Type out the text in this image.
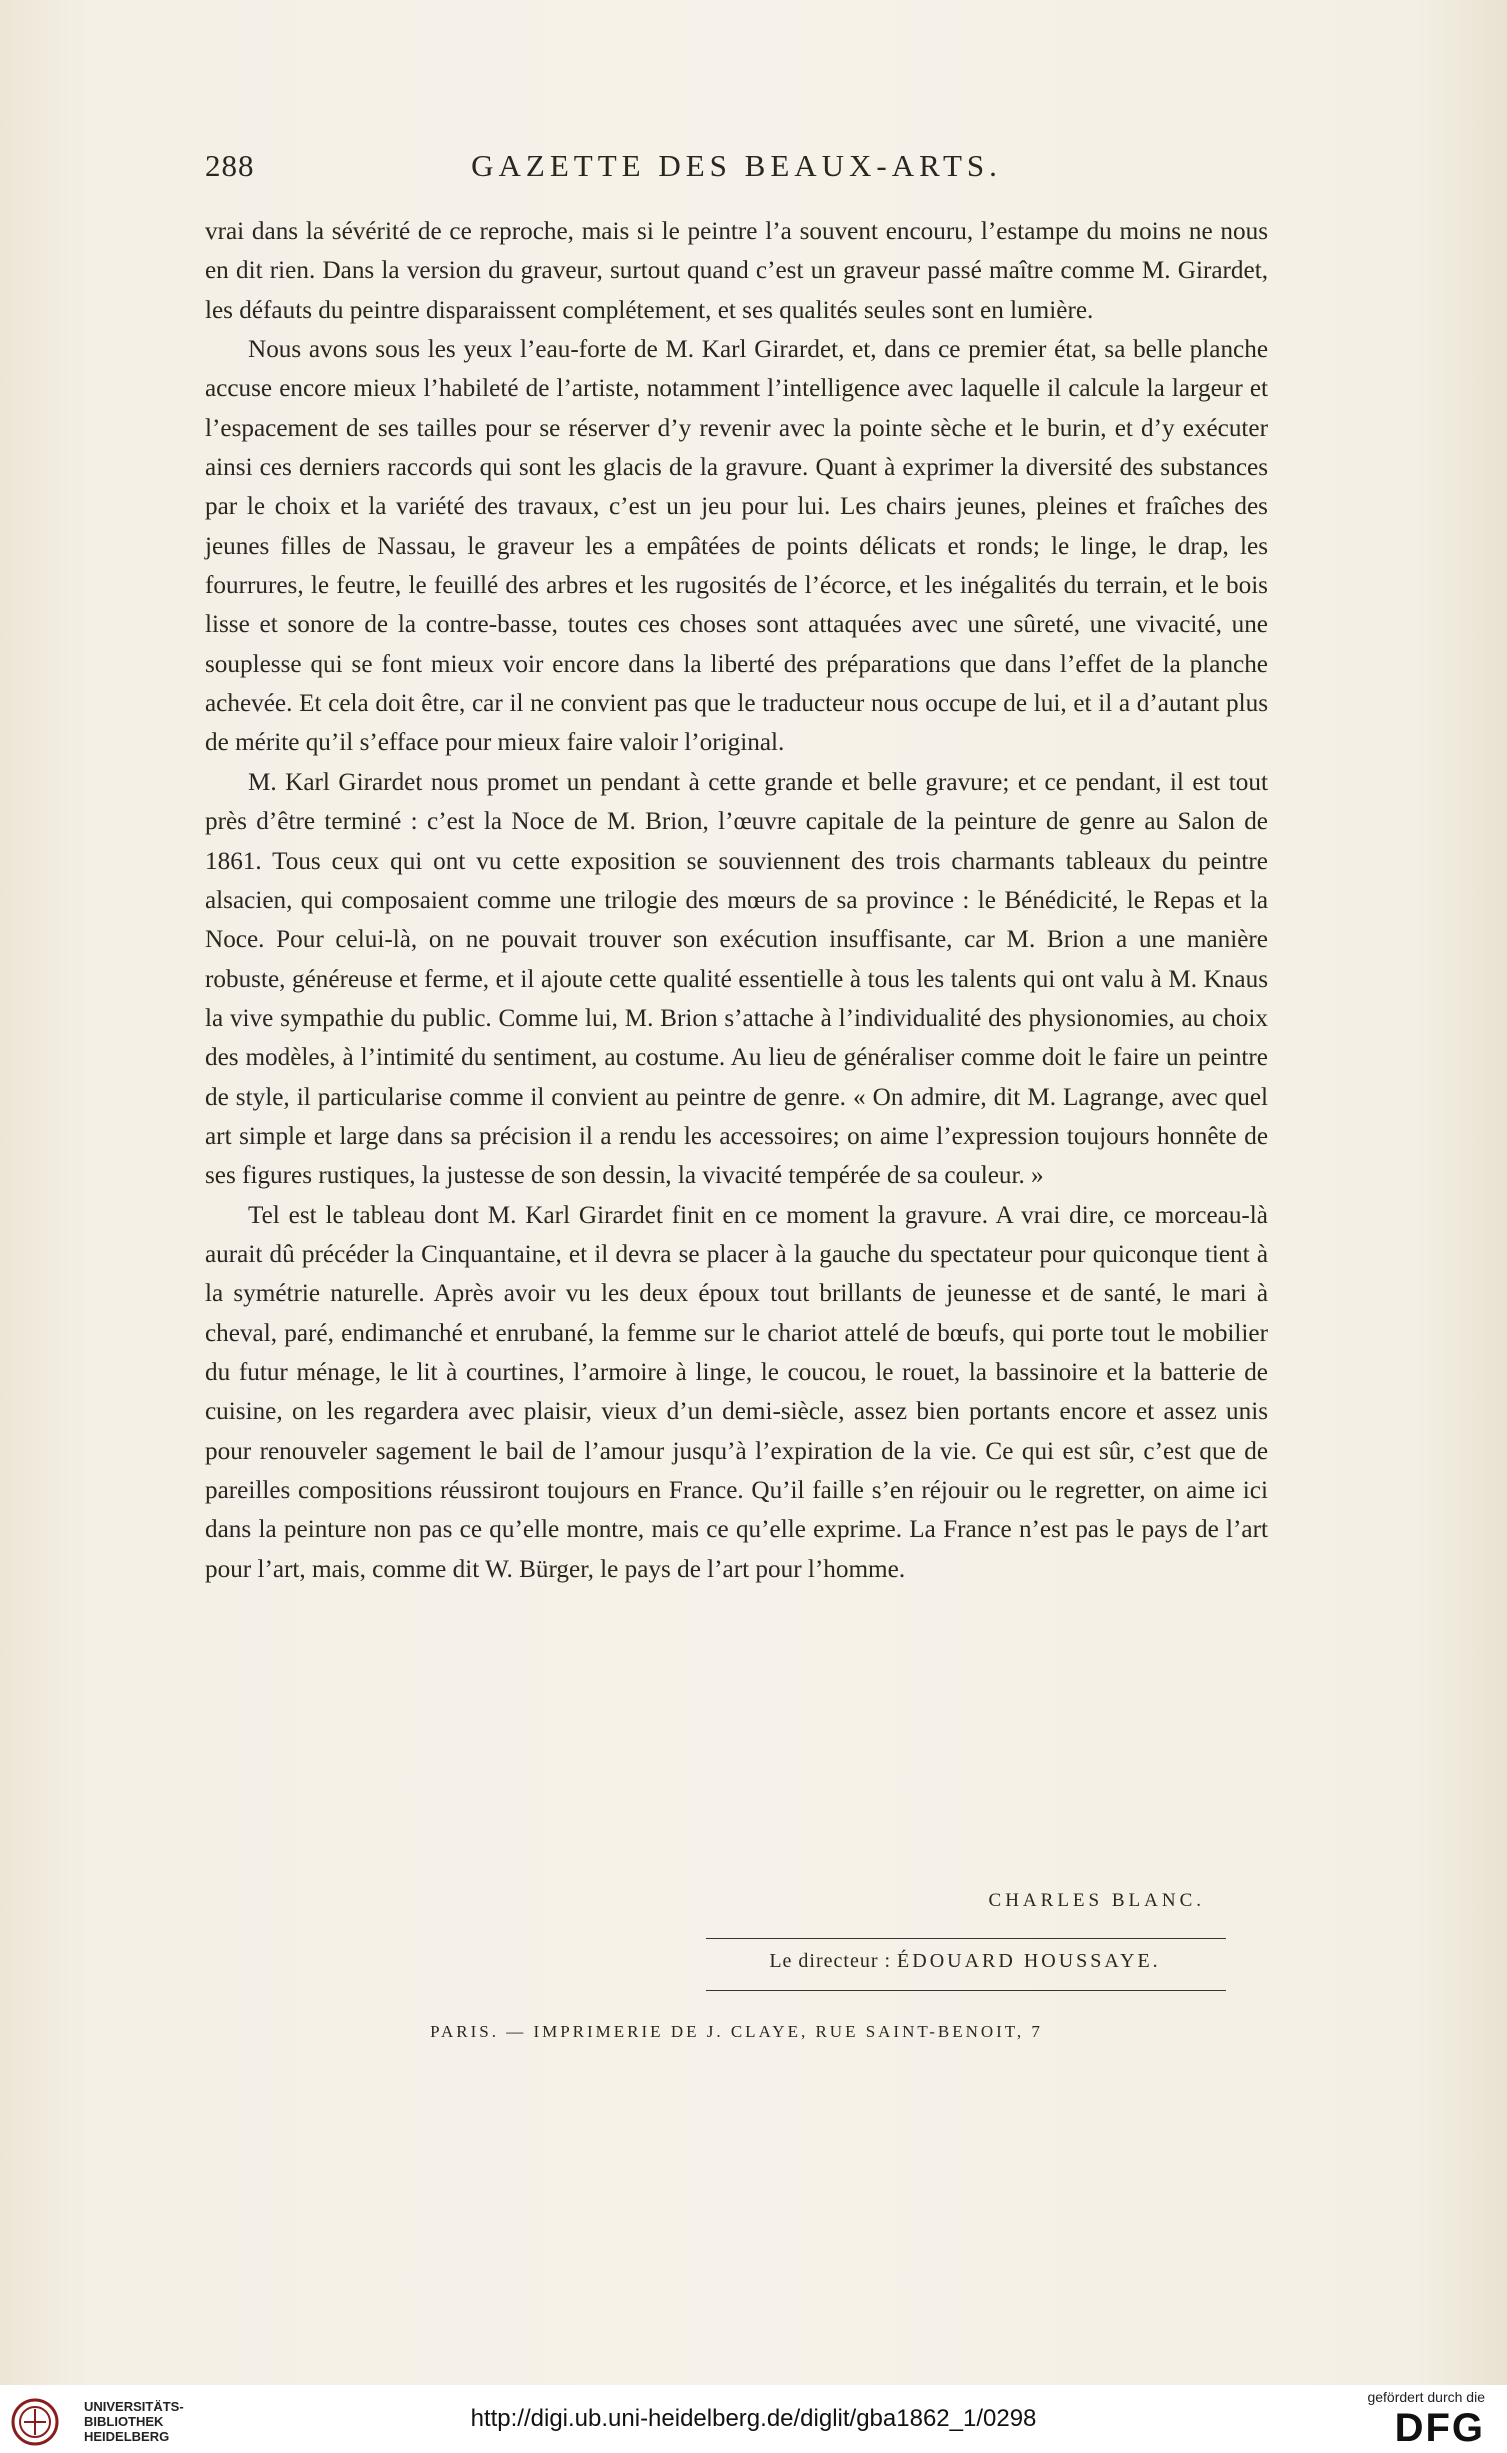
288	GAZETTE DES BEAUX-ARTS.

vrai dans la sévérité de ce reproche, mais si le peintre l’a souvent encouru, l’estampe du moins ne nous en dit rien. Dans la version du graveur, surtout quand c’est un graveur passé maître comme M. Girardet, les défauts du peintre disparaissent complétement, et ses qualités seules sont en lumière.

Nous avons sous les yeux l’eau-forte de M. Karl Girardet, et, dans ce premier état, sa belle planche accuse encore mieux l’habileté de l’artiste, notamment l’intelligence avec laquelle il calcule la largeur et l’espacement de ses tailles pour se réserver d’y revenir avec la pointe sèche et le burin, et d’y exécuter ainsi ces derniers raccords qui sont les glacis de la gravure. Quant à exprimer la diversité des substances par le choix et la variété des travaux, c’est un jeu pour lui. Les chairs jeunes, pleines et fraîches des jeunes filles de Nassau, le graveur les a empâtées de points délicats et ronds; le linge, le drap, les fourrures, le feutre, le feuillé des arbres et les rugosités de l’écorce, et les inégalités du terrain, et le bois lisse et sonore de la contre-basse, toutes ces choses sont attaquées avec une sûreté, une vivacité, une souplesse qui se font mieux voir encore dans la liberté des préparations que dans l’effet de la planche achevée. Et cela doit être, car il ne convient pas que le traducteur nous occupe de lui, et il a d’autant plus de mérite qu’il s’efface pour mieux faire valoir l’original.

M. Karl Girardet nous promet un pendant à cette grande et belle gravure; et ce pendant, il est tout près d’être terminé : c’est la Noce de M. Brion, l’œuvre capitale de la peinture de genre au Salon de 1861. Tous ceux qui ont vu cette exposition se souviennent des trois charmants tableaux du peintre alsacien, qui composaient comme une trilogie des mœurs de sa province : le Bénédicité, le Repas et la Noce. Pour celui-là, on ne pouvait trouver son exécution insuffisante, car M. Brion a une manière robuste, généreuse et ferme, et il ajoute cette qualité essentielle à tous les talents qui ont valu à M. Knaus la vive sympathie du public. Comme lui, M. Brion s’attache à l’individualité des physionomies, au choix des modèles, à l’intimité du sentiment, au costume. Au lieu de généraliser comme doit le faire un peintre de style, il particularise comme il convient au peintre de genre. « On admire, dit M. Lagrange, avec quel art simple et large dans sa précision il a rendu les accessoires; on aime l’expression toujours honnête de ses figures rustiques, la justesse de son dessin, la vivacité tempérée de sa couleur. »

Tel est le tableau dont M. Karl Girardet finit en ce moment la gravure. A vrai dire, ce morceau-là aurait dû précéder la Cinquantaine, et il devra se placer à la gauche du spectateur pour quiconque tient à la symétrie naturelle. Après avoir vu les deux époux tout brillants de jeunesse et de santé, le mari à cheval, paré, endimanché et enrubané, la femme sur le chariot attelé de bœufs, qui porte tout le mobilier du futur ménage, le lit à courtines, l’armoire à linge, le coucou, le rouet, la bassinoire et la batterie de cuisine, on les regardera avec plaisir, vieux d’un demi-siècle, assez bien portants encore et assez unis pour renouveler sagement le bail de l’amour jusqu’à l’expiration de la vie. Ce qui est sûr, c’est que de pareilles compositions réussiront toujours en France. Qu’il faille s’en réjouir ou le regretter, on aime ici dans la peinture non pas ce qu’elle montre, mais ce qu’elle exprime. La France n’est pas le pays de l’art pour l’art, mais, comme dit W. Bürger, le pays de l’art pour l’homme.

CHARLES BLANC.
Le directeur : ÉDOUARD HOUSSAYE.
PARIS. — IMPRIMERIE DE J. CLAYE, RUE SAINT-BENOIT, 7
UNIVERSITÄTS-
BIBLIOTHEK
HEIDELBERG
http://digi.ub.uni-heidelberg.de/diglit/gba1862_1/0298
gefördert durch die
DFG
